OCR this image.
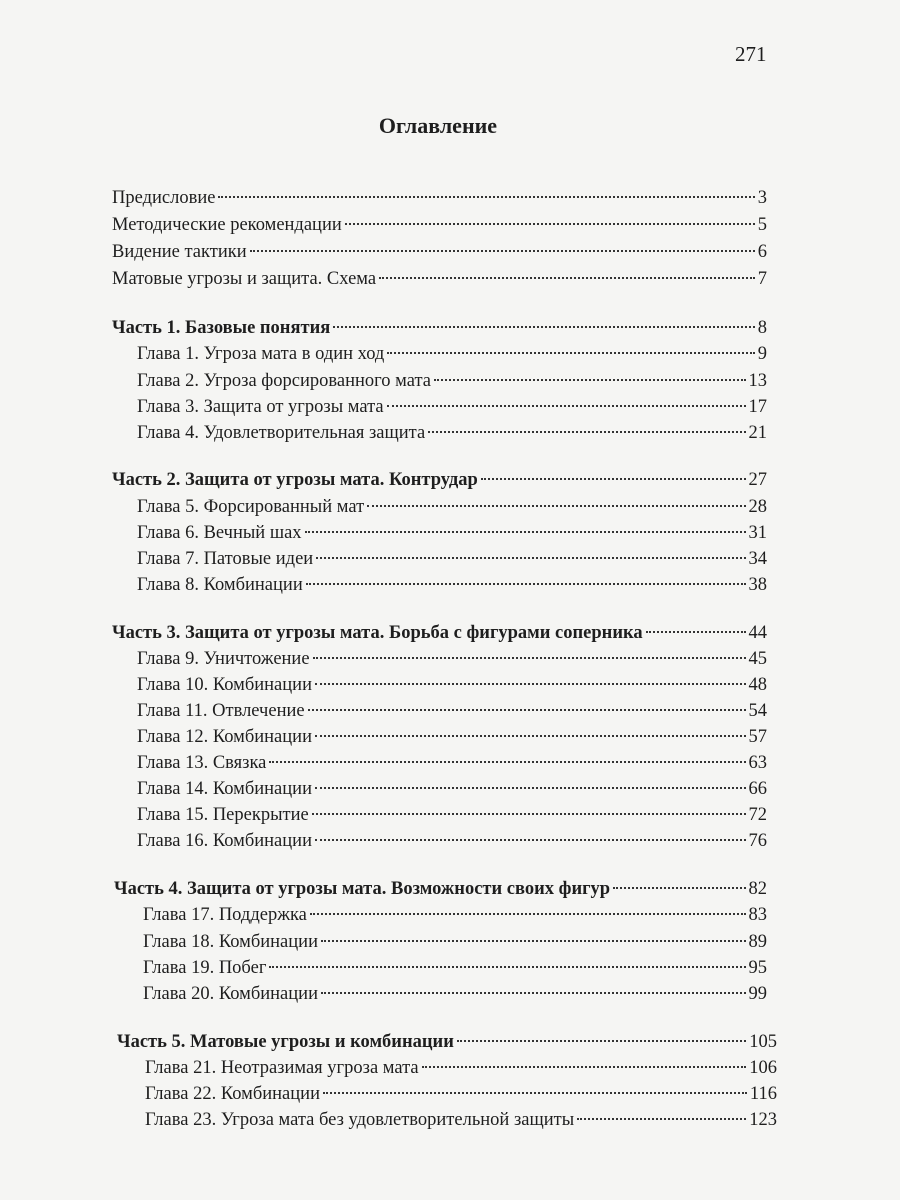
271
Оглавление
Предисловие	3
Методические рекомендации	5
Видение тактики	6
Матовые угрозы и защита. Схема	7
Часть 1. Базовые понятия	8
Глава 1. Угроза мата в один ход	9
Глава 2. Угроза форсированного мата	13
Глава 3. Защита от угрозы мата	17
Глава 4. Удовлетворительная защита	21
Часть 2. Защита от угрозы мата. Контрудар	27
Глава 5. Форсированный мат	28
Глава 6. Вечный шах	31
Глава 7. Патовые идеи	34
Глава 8. Комбинации	38
Часть 3. Защита от угрозы мата. Борьба с фигурами соперника	44
Глава 9. Уничтожение	45
Глава 10. Комбинации	48
Глава 11. Отвлечение	54
Глава 12. Комбинации	57
Глава 13. Связка	63
Глава 14. Комбинации	66
Глава 15. Перекрытие	72
Глава 16. Комбинации	76
Часть 4. Защита от угрозы мата. Возможности своих фигур	82
Глава 17. Поддержка	83
Глава 18. Комбинации	89
Глава 19. Побег	95
Глава 20. Комбинации	99
Часть 5. Матовые угрозы и комбинации	105
Глава 21. Неотразимая угроза мата	106
Глава 22. Комбинации	116
Глава 23. Угроза мата без удовлетворительной защиты	123
